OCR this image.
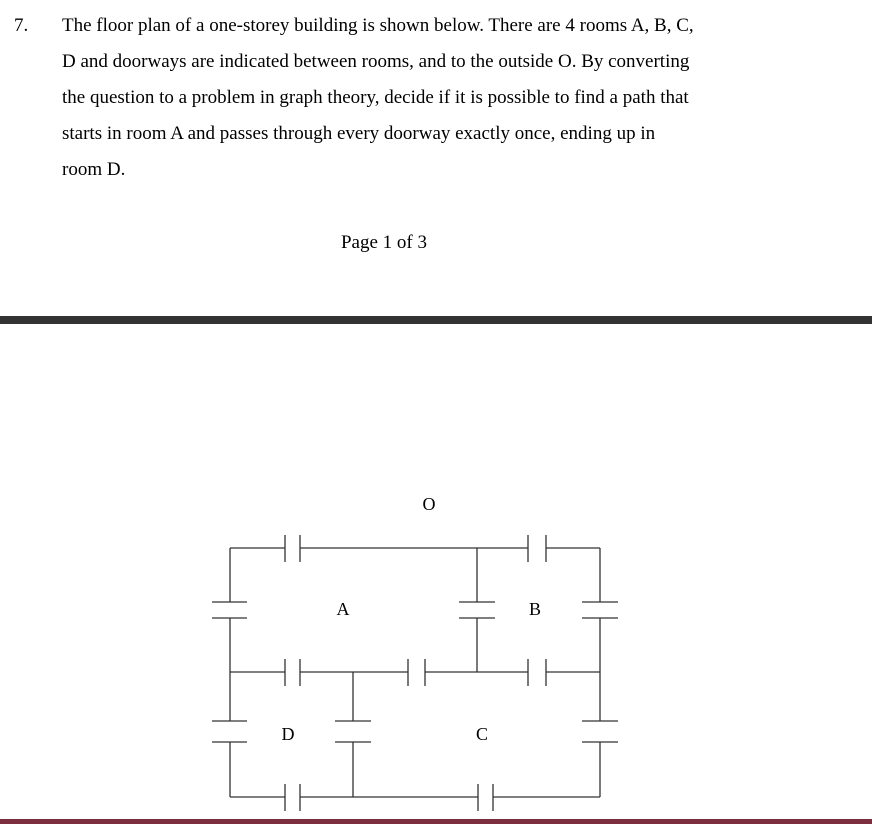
7. The floor plan of a one-storey building is shown below. There are 4 rooms A, B, C,
D and doorways are indicated between rooms, and to the outside O. By converting
the question to a problem in graph theory, decide if it is possible to find a path that
starts in room A and passes through every doorway exactly once, ending up in
room D.
Page 1 of 3
O
A	B
C
D
